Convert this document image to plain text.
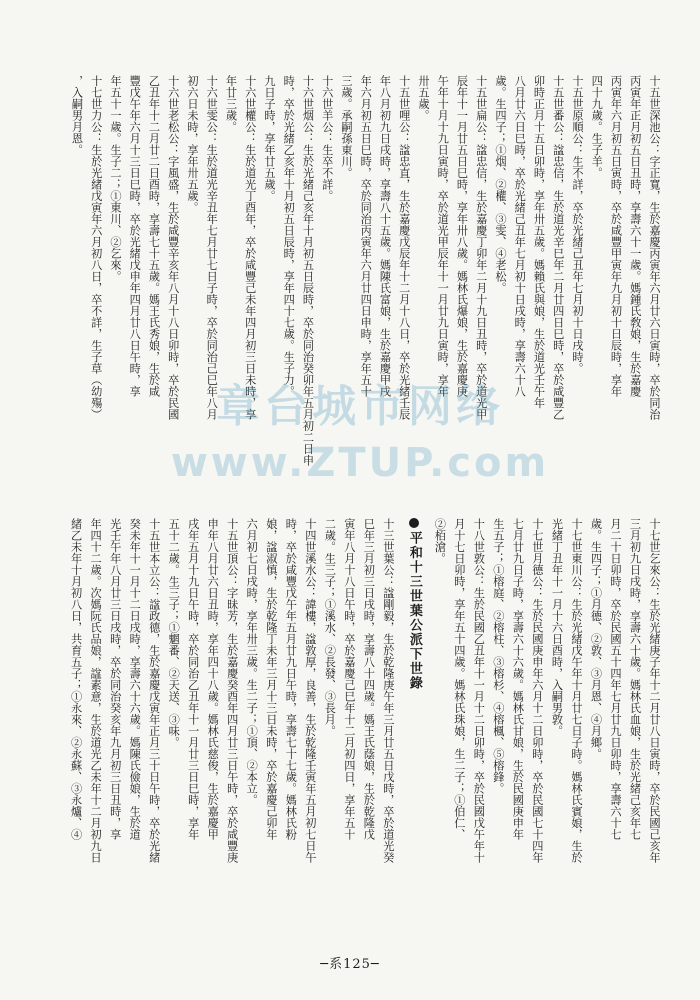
十五世深池公：字正寬，生於嘉慶丙寅年六月廿六日寅時，卒於同治
丙寅年正月初五日丑時，享壽六十一歲。媽鍾氏敎娘，生於嘉慶
丙寅年六月初五日寅時，卒於咸豐甲寅年九月初十日辰時，享年
四十九歲。生子羊。
十五世原順公：生不詳，卒於光緒己丑年七月初十日戌時。
十五世番公：諡忠信，生於道光辛巳年二月廿四日巳時，卒於咸豐乙
卯時正月十五日卯時，享年卅五歲。媽賴氏與娘，生於道光壬午年
八月廿六日巳時，卒於光緒己丑年七月初十日戌時，享壽六十八
歲。生四子；①烟、②權、③雯、④老松。
十五世扁公：諡忠信，生於嘉慶丁卯年二月十九日丑時，卒於道光甲
辰年十一月廿五日巳時，享年卅八歲。媽林氏爆娘，生於嘉慶庚
午年十月十九日寅時，卒於道光甲辰年十一月廿九日寅時，享年
卅五歲。
十五世哩公：諡忠直，生於嘉慶戊辰年十二月十八日，卒於光緒壬辰
年八月初九日戌時，享壽八十五歲。媽陳氏富娘，生於嘉慶甲戌
年六月初五日巳時，卒於同治丙寅年六月廿四日申時，享年五十
三歲。承嗣孫東川。
十六世羊公：生卒不詳。
十六世烟公：生於光緒己亥年十月初五日辰時，卒於同治癸卯年五月初二日申
時，卒於光緒乙亥年十月初五日辰時，享年四十七歲。生子力。
九日子時，享年廿五歲。
十六世權公：生於道光丁酉年，卒於咸豐己未年四月初三日未時，享
年廿三歲。
十六世雯公：生於道光辛丑年七月廿七日子時，卒於同治己巳年八月
初六日未時，享年卅五歲。
十六世老松公：字風盛，生於咸豐辛亥年八月十八日卯時，卒於民國
乙丑年十二月廿二日酉時，享壽七十五歲。媽王氏秀娘，生於咸
豐戊午年六月十三日巳時，卒於光緒戊申年四月廿八日午時，享
年五十一歲。生子二；①東川、②乞來。
十七世力公：生於光緒戊寅年六月初八日，卒不詳，生子草（幼殤）
，入嗣男月恩。
十七世乞來公：生於光緒庚子年十二月廿八日寅時，卒於民國己亥年
三月初九日戌時，享壽六十歲。媽林氏血娘，生於光緒己亥年七
月二十日卯時，卒於民國五十四年七月廿九日卯時，享壽六十七
歲。生四子；①月德、②敦、③月恩、④月鄉。
十七世東川公：生於光緒戊午年十月廿七日子時。媽林氏賓娘，生於
光緒丁丑年十一月十六日酉時，入嗣男敦。
十七世月德公：生於民國庚申年六月十二日卯時，卒於民國七十四年
七月廿九日子時，享壽六十六歲。媽林氏甘娘，生於民國庚申年
生五子；①榕庭、②榕柱、③榕杉、④榕楓、⑤榕鋒。
十八世敦公：生於民國乙丑年十一月十二日卯時，卒於民國戊午年十
月十七日卯時，享年五十四歲。媽林氏珠娘，生二子；①伯仁、
②栢滄。
平和十三世葉公派下世錄
十三世葉公：諡剛毅，生於乾隆庚午年三月廿五日戊時，卒於道光癸
巳年三月初三日戌時，享壽八十四歲。媽王氏蔭娘，生於乾隆戊
寅年八月十八日午時，卒於嘉慶己巳年十二月初四日，享年五十
二歲。生三子；①溪水、②長發、③長月。
十四世溪水公：諱樓，諡敦厚，良善，生於乾隆壬寅年五月初七日午
時，卒於咸豐戊午年五月廿九日午時，享壽七十七歲。媽林氏粉
娘，諡淑慎，生於乾隆丁未年三月十三日未時，卒於嘉慶己卯年
六月初七日戌時，享年卅三歲。生二子；①頂、②本立。
十五世頂公：字昧芳，生於嘉慶癸酉年四月廿三日午時，卒於咸豐庚
申年八月廿六日丑時，享年四十八歲。媽林氏慈俊，生於嘉慶甲
戌年五月十九日午時，卒於同治乙丑年十一月廿三日巳時，享年
五十二歲。生三子；①魍番、②天送、③味。
十五世本立公：諡政德，生於嘉慶戊寅年正月三十日午時，卒於光緒
癸未年十一月十二日戌時，享壽六十六歲。媽陳氏儉娘，生於道
光壬午年八月廿三日戌時，卒於同治癸亥年九月初三日丑時，享
年四十二歲。次媽阮氏品娘，諡素意，生於道光乙未年十二月初九日
緒乙未年十月初八日，共育五子；①永來、②永蘇、③永爐、④
章台城市网络
www.ZTUP.com
─系125─
